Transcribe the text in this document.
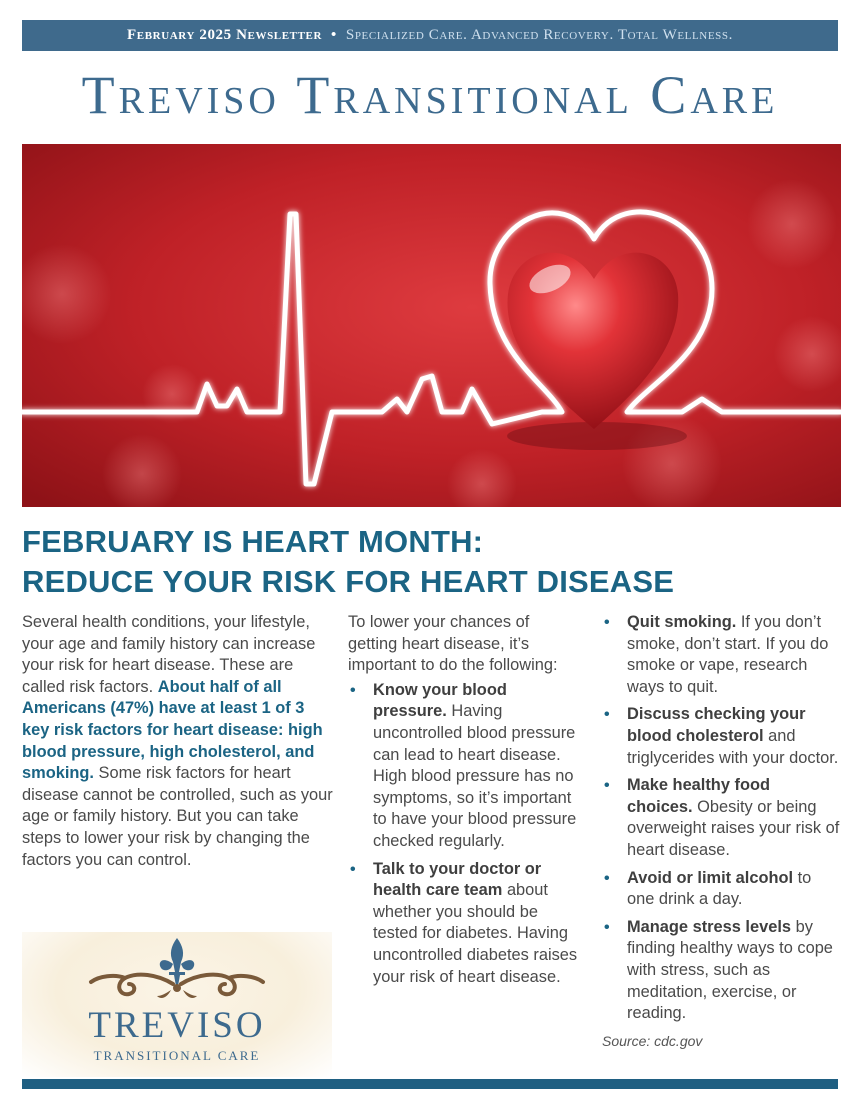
February 2025 Newsletter • Specialized Care. Advanced Recovery. Total Wellness.
Treviso Transitional Care
FEBRUARY IS HEART MONTH:
REDUCE YOUR RISK FOR HEART DISEASE

Several health conditions, your lifestyle, your age and family history can increase your risk for heart disease. These are called risk factors. About half of all Americans (47%) have at least 1 of 3 key risk factors for heart disease: high blood pressure, high cholesterol, and smoking. Some risk factors for heart disease cannot be controlled, such as your age or family history. But you can take steps to lower your risk by changing the factors you can control.

To lower your chances of getting heart disease, it’s important to do the following:

• Know your blood pressure. Having uncontrolled blood pressure can lead to heart disease. High blood pressure has no symptoms, so it’s important to have your blood pressure checked regularly.
• Talk to your doctor or health care team about whether you should be tested for diabetes. Having uncontrolled diabetes raises your risk of heart disease.
• Quit smoking. If you don’t smoke, don’t start. If you do smoke or vape, research ways to quit.
• Discuss checking your blood cholesterol and triglycerides with your doctor.
• Make healthy food choices. Obesity or being overweight raises your risk of heart disease.
• Avoid or limit alcohol to one drink a day.
• Manage stress levels by finding healthy ways to cope with stress, such as meditation, exercise, or reading.
Source: cdc.gov
TREVISO
TRANSITIONAL CARE
